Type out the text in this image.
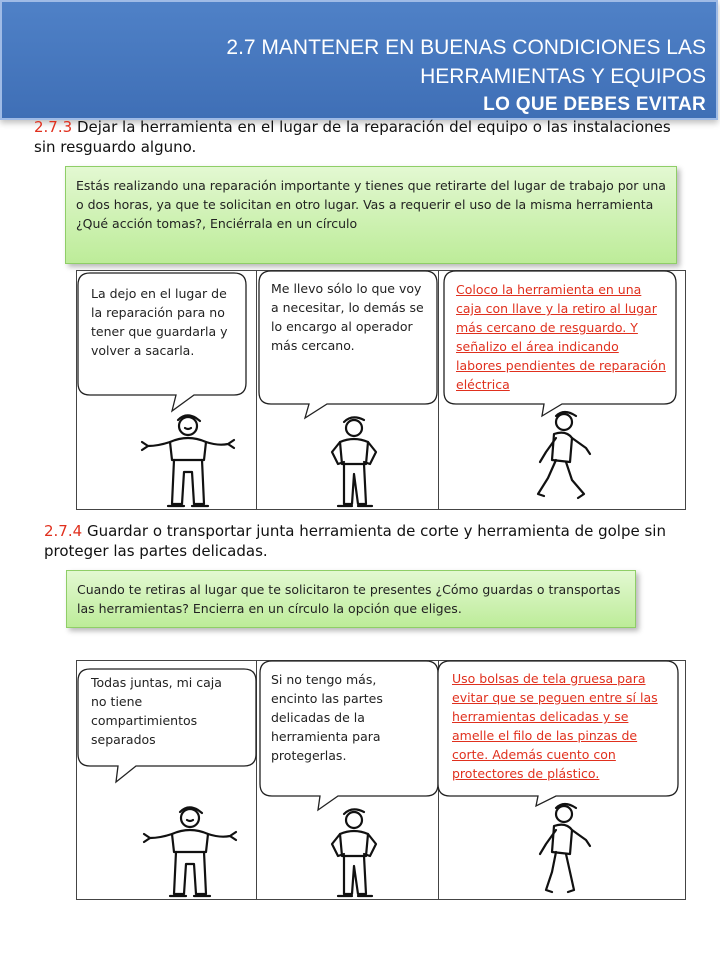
2.7 MANTENER EN BUENAS CONDICIONES LAS
HERRAMIENTAS Y EQUIPOS
LO QUE DEBES EVITAR
2.7.3 Dejar la herramienta en el lugar de la reparación del equipo o las instalaciones
sin resguardo alguno.
Estás realizando una reparación importante y tienes que retirarte del lugar de trabajo por una o dos horas, ya que te solicitan en otro lugar. Vas a requerir el uso de la misma herramienta ¿Qué acción tomas?, Enciérrala en un círculo
La dejo en el lugar de la reparación para no tener que guardarla y volver a sacarla.
Me llevo sólo lo que voy a necesitar, lo demás se lo encargo al operador más cercano.
Coloco la herramienta en una caja con llave y la retiro al lugar más cercano de resguardo. Y señalizo el área indicando labores pendientes de reparación eléctrica
2.7.4 Guardar o transportar junta herramienta de corte y herramienta de golpe sin
proteger las partes delicadas.
Cuando te retiras al lugar que te solicitaron te presentes ¿Cómo guardas o transportas las herramientas? Encierra en un círculo la opción que eliges.
Todas juntas, mi caja no tiene compartimientos separados
Si no tengo más, encinto las partes delicadas de la herramienta para protegerlas.
Uso bolsas de tela gruesa para evitar que se peguen entre sí las herramientas delicadas y se amelle el filo de las pinzas de corte. Además cuento con protectores de plástico.
